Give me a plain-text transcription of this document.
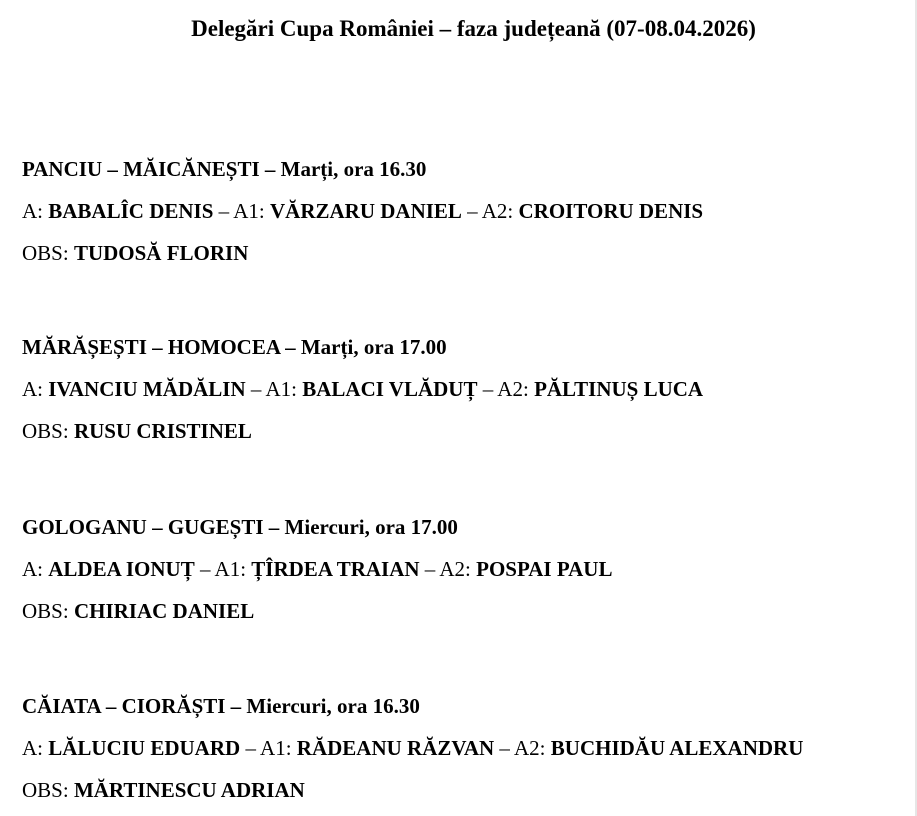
Delegări Cupa României – faza județeană (07-08.04.2026)
PANCIU – MĂICĂNEȘTI – Marți, ora 16.30
A: BABALÎC DENIS – A1: VĂRZARU DANIEL – A2: CROITORU DENIS
OBS: TUDOSĂ FLORIN
MĂRĂȘEȘTI – HOMOCEA – Marți, ora 17.00
A: IVANCIU MĂDĂLIN – A1: BALACI VLĂDUȚ – A2: PĂLTINUȘ LUCA
OBS: RUSU CRISTINEL
GOLOGANU – GUGEȘTI – Miercuri, ora 17.00
A: ALDEA IONUȚ – A1: ȚÎRDEA TRAIAN – A2: POSPAI PAUL
OBS: CHIRIAC DANIEL
CĂIATA – CIORĂȘTI – Miercuri, ora 16.30
A: LĂLUCIU EDUARD – A1: RĂDEANU RĂZVAN – A2: BUCHIDĂU ALEXANDRU
OBS: MĂRTINESCU ADRIAN
